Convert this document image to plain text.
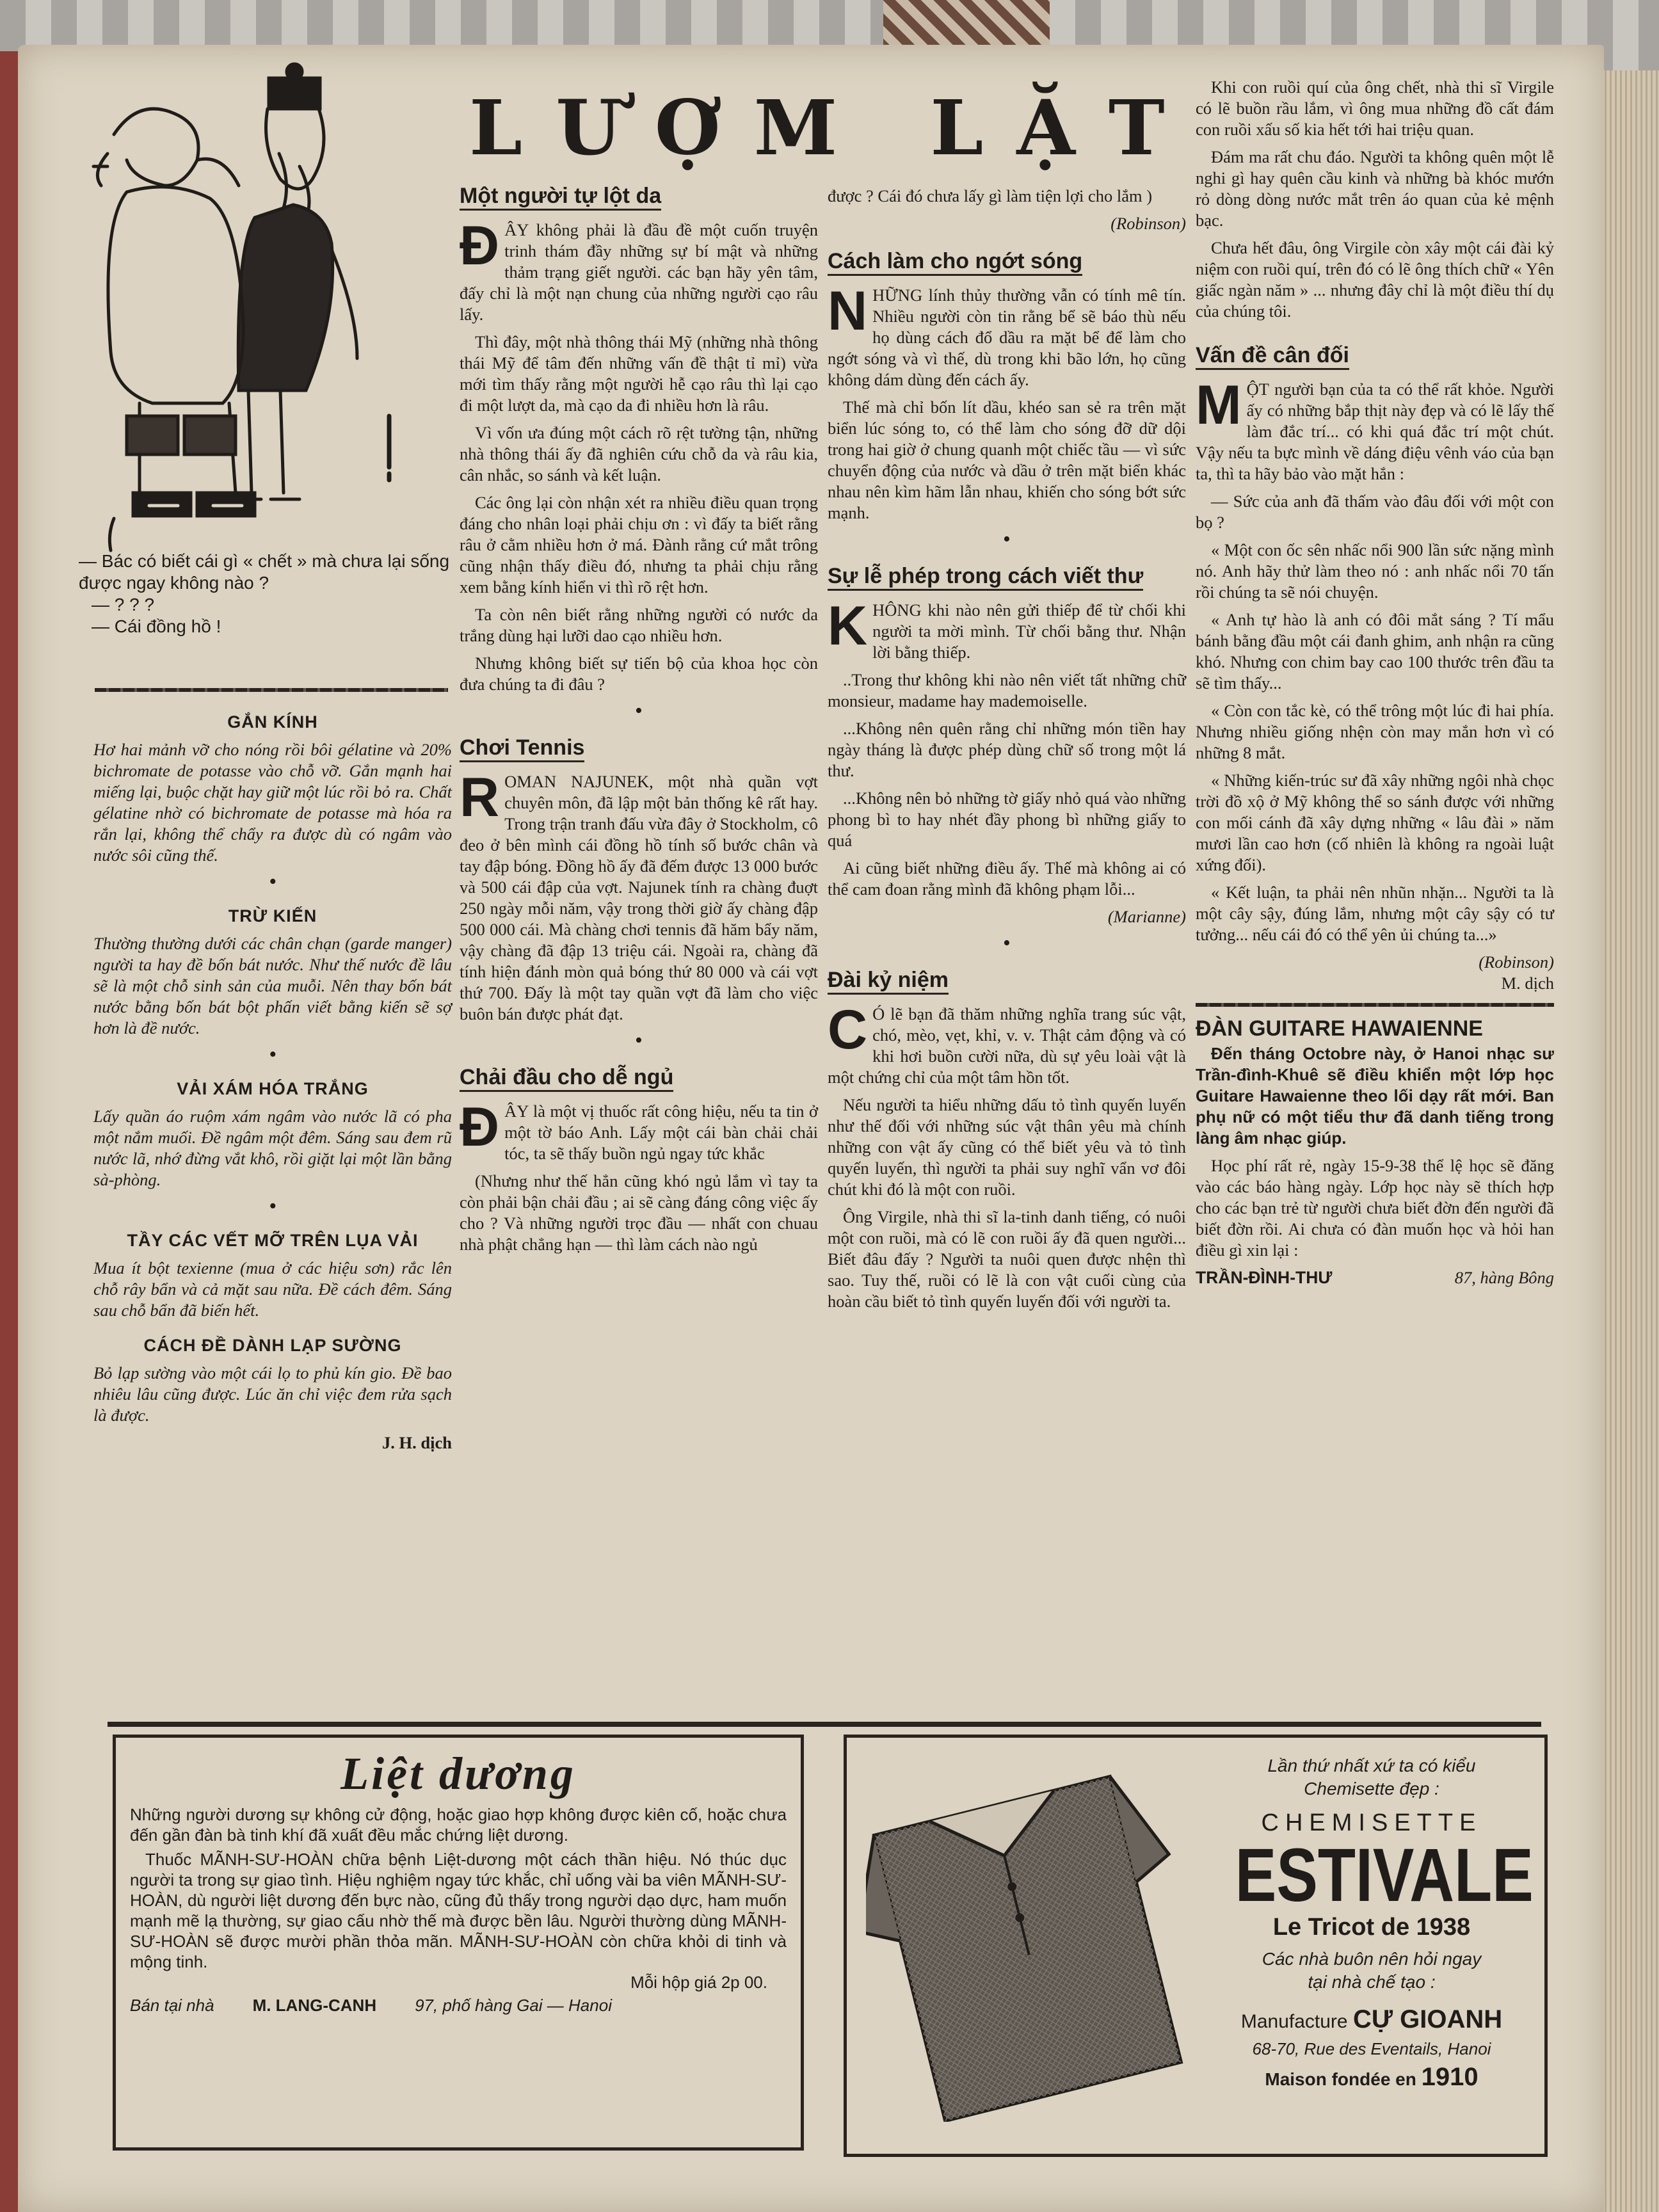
— Bác có biết cái gì « chết » mà chưa lại sống được ngay không nào ?
— ? ? ?
— Cái đồng hồ !
GẮN KÍNH

Hơ hai mảnh vỡ cho nóng rồi bôi gélatine và 20% bichromate de potasse vào chỗ vỡ. Gắn mạnh hai miếng lại, buộc chặt hay giữ một lúc rồi bỏ ra. Chất gélatine nhờ có bichromate de potasse mà hóa ra rắn lại, không thể chẩy ra được dù có ngâm vào nước sôi cũng thế.

•
TRỪ KIẾN

Thường thường dưới các chân chạn (garde manger) người ta hay đề bốn bát nước. Như thế nước đề lâu sẽ là một chỗ sinh sản của muỗi. Nên thay bốn bát nước bằng bốn bát bột phấn viết bằng kiến sẽ sợ hơn là đề nước.

•
VẢI XÁM HÓA TRẮNG

Lấy quần áo ruộm xám ngâm vào nước lã có pha một nắm muối. Đề ngâm một đêm. Sáng sau đem rũ nước lã, nhớ đừng vắt khô, rồi giặt lại một lần bằng sà-phòng.

•
TẦY CÁC VẾT MỠ TRÊN LỤA VẢI

Mua ít bột texienne (mua ở các hiệu sơn) rắc lên chỗ rây bẩn và cả mặt sau nữa. Đề cách đêm. Sáng sau chỗ bẩn đã biến hết.

CÁCH ĐỀ DÀNH LẠP SƯỜNG

Bỏ lạp sường vào một cái lọ to phủ kín gio. Đề bao nhiêu lâu cũng được. Lúc ăn chỉ việc đem rửa sạch là được.

J. H. dịch
LƯỢM LẶT
Một người tự lột da

ĐÂY không phải là đầu đề một cuốn truyện trinh thám đầy những sự bí mật và những thảm trạng giết người. các bạn hãy yên tâm, đấy chỉ là một nạn chung của những người cạo râu lấy.

Thì đây, một nhà thông thái Mỹ (những nhà thông thái Mỹ để tâm đến những vấn đề thật tỉ mỉ) vừa mới tìm thấy rằng một người hễ cạo râu thì lại cạo đi một lượt da, mà cạo da đi nhiều hơn là râu.

Vì vốn ưa đúng một cách rõ rệt tường tận, những nhà thông thái ấy đã nghiên cứu chỗ da và râu kia, cân nhắc, so sánh và kết luận.

Các ông lại còn nhận xét ra nhiều điều quan trọng đáng cho nhân loại phải chịu ơn : vì đấy ta biết rằng râu ở cằm nhiều hơn ở má. Đành rằng cứ mắt trông cũng nhận thấy điều đó, nhưng ta phải chịu rằng xem bằng kính hiển vi thì rõ rệt hơn.

Ta còn nên biết rằng những người có nước da trắng dùng hại lưỡi dao cạo nhiều hơn.

Nhưng không biết sự tiến bộ của khoa học còn đưa chúng ta đi đâu ?

•
Chơi Tennis

ROMAN NAJUNEK, một nhà quần vợt chuyên môn, đã lập một bản thống kê rất hay. Trong trận tranh đấu vừa đây ở Stockholm, cô đeo ở bên mình cái đồng hồ tính số bước chân và tay đập bóng. Đồng hồ ấy đã đếm được 13 000 bước và 500 cái đập của vợt. Najunek tính ra chàng đuợt 250 ngày mỗi năm, vậy trong thời giờ ấy chàng đập 500 000 cái. Mà chàng chơi tennis đã hăm bẩy năm, vậy chàng đã đập 13 triệu cái. Ngoài ra, chàng đã tính hiện đánh mòn quả bóng thứ 80 000 và cái vợt thứ 700. Đấy là một tay quần vợt đã làm cho việc buôn bán được phát đạt.

•
Chải đầu cho dễ ngủ

ĐÂY là một vị thuốc rất công hiệu, nếu ta tin ở một tờ báo Anh. Lấy một cái bàn chải chải tóc, ta sẽ thấy buồn ngủ ngay tức khắc

(Nhưng như thế hẳn cũng khó ngủ lắm vì tay ta còn phải bận chải đầu ; ai sẽ càng đáng công việc ấy cho ? Và những người trọc đầu — nhất con chuau nhà phật chẳng hạn — thì làm cách nào ngủ

được ? Cái đó chưa lấy gì làm tiện lợi cho lắm )

(Robinson)
Cách làm cho ngớt sóng

NHỮNG lính thủy thường vẫn có tính mê tín. Nhiều người còn tin rằng bể sẽ báo thù nếu họ dùng cách đổ dầu ra mặt bể để làm cho ngớt sóng và vì thế, dù trong khi bão lớn, họ cũng không dám dùng đến cách ấy.

Thế mà chỉ bốn lít dầu, khéo san sẻ ra trên mặt biển lúc sóng to, có thể làm cho sóng đỡ dữ dội trong hai giờ ở chung quanh một chiếc tầu — vì sức chuyển động của nước và dầu ở trên mặt biển khác nhau nên kìm hãm lẫn nhau, khiến cho sóng bớt sức mạnh.

•
Sự lễ phép trong cách viết thư

KHÔNG khi nào nên gửi thiếp để từ chối khi người ta mời mình. Từ chối bằng thư. Nhận lời bằng thiếp.

..Trong thư không khi nào nên viết tất những chữ monsieur, madame hay mademoiselle.

...Không nên quên rằng chỉ những món tiền hay ngày tháng là được phép dùng chữ số trong một lá thư.

...Không nên bỏ những tờ giấy nhỏ quá vào những phong bì to hay nhét đầy phong bì những giấy to quá

Ai cũng biết những điều ấy. Thế mà không ai có thể cam đoan rằng mình đã không phạm lỗi...

(Marianne)
•
Đài kỷ niệm

C Ó lẽ bạn đã thăm những nghĩa trang súc vật, chó, mèo, vẹt, khỉ, v. v. Thật cảm động và có khi hơi buồn cười nữa, dù sự yêu loài vật là một chứng chỉ của một tâm hồn tốt.

Nếu người ta hiểu những dấu tỏ tình quyến luyến như thế đối với những súc vật thân yêu mà chính những con vật ấy cũng có thể biết yêu và tỏ tình quyến luyến, thì người ta phải suy nghĩ vẩn vơ đôi chút khi đó là một con ruồi.

Ông Virgile, nhà thi sĩ la-tinh danh tiếng, có nuôi một con ruồi, mà có lẽ con ruồi ấy đã quen người... Biết đâu đấy ? Người ta nuôi quen được nhện thì sao. Tuy thế, ruồi có lẽ là con vật cuối cùng của hoàn cầu biết tỏ tình quyến luyến đối với người ta.

Khi con ruồi quí của ông chết, nhà thi sĩ Virgile có lẽ buồn rầu lắm, vì ông mua những đồ cất đám con ruồi xấu số kia hết tới hai triệu quan.

Đám ma rất chu đáo. Người ta không quên một lễ nghi gì hay quên cầu kinh và những bà khóc mướn rỏ dòng dòng nước mắt trên áo quan của kẻ mệnh bạc.

Chưa hết đâu, ông Virgile còn xây một cái đài kỷ niệm con ruồi quí, trên đó có lẽ ông thích chữ « Yên giấc ngàn năm » ... nhưng đây chỉ là một điều thí dụ của chúng tôi.

Vấn đề cân đối

MỘT người bạn của ta có thể rất khỏe. Người ấy có những bắp thịt này đẹp và có lẽ lấy thế làm đắc trí... có khi quá đắc trí một chút. Vậy nếu ta bực mình về dáng điệu vênh váo của bạn ta, thì ta hãy bảo vào mặt hắn :

— Sức của anh đã thấm vào đâu đối với một con bọ ?

« Một con ốc sên nhấc nổi 900 lần sức nặng mình nó. Anh hãy thử làm theo nó : anh nhấc nổi 70 tấn rồi chúng ta sẽ nói chuyện.

« Anh tự hào là anh có đôi mắt sáng ? Tí mẩu bánh bằng đầu một cái đanh ghim, anh nhận ra cũng khó. Nhưng con chim bay cao 100 thước trên đầu ta sẽ tìm thấy...

« Còn con tắc kè, có thể trông một lúc đi hai phía. Nhưng nhiều giống nhện còn may mắn hơn vì có những 8 mắt.

« Những kiến-trúc sư đã xây những ngôi nhà chọc trời đồ xộ ở Mỹ không thể so sánh được với những con mối cánh đã xây dựng những « lâu đài » năm mươi lần cao hơn (cố nhiên là không ra ngoài luật xứng đối).

« Kết luận, ta phải nên nhũn nhặn... Người ta là một cây sậy, đúng lắm, nhưng một cây sậy có tư tưởng... nếu cái đó có thể yên ủi chúng ta...»

(Robinson)
M. dịch
ĐÀN GUITARE HAWAIENNE

Đến tháng Octobre này, ở Hanoi nhạc sư Trần-đình-Khuê sẽ điều khiển một lớp học Guitare Hawaienne theo lối dạy rất mới. Ban phụ nữ có một tiểu thư đã danh tiếng trong làng âm nhạc giúp.

Học phí rất rẻ, ngày 15-9-38 thể lệ học sẽ đăng vào các báo hàng ngày. Lớp học này sẽ thích hợp cho các bạn trẻ từ người chưa biết đờn đến người đã biết đờn rồi. Ai chưa có đàn muốn học và hỏi han điều gì xin lại :

TRẦN-ĐÌNH-THƯ	87, hàng Bông
Liệt dương

Những người dương sự không cử động, hoặc giao hợp không được kiên cố, hoặc chưa đến gần đàn bà tinh khí đã xuất đều mắc chứng liệt dương.

Thuốc MÃNH-SƯ-HOÀN chữa bệnh Liệt-dương một cách thần hiệu. Nó thúc dục người ta trong sự giao tình. Hiệu nghiệm ngay tức khắc, chỉ uống vài ba viên MÃNH-SƯ-HOÀN, dù người liệt dương đến bực nào, cũng đủ thấy trong người dạo dực, ham muốn mạnh mẽ lạ thường, sự giao cấu nhờ thế mà được bền lâu. Người thường dùng MÃNH-SƯ-HOÀN sẽ được mười phần thỏa mãn. MÃNH-SƯ-HOÀN còn chữa khỏi di tinh và mộng tinh.

Mỗi hộp giá 2p 00.
Bán tại nhà M. LANG-CANH 97, phố hàng Gai — Hanoi
Lần thứ nhất xứ ta có kiểu
Chemisette đẹp :
CHEMISETTE
ESTIVALE
Le Tricot de 1938
Các nhà buôn nên hỏi ngay
tại nhà chế tạo :
Manufacture CỰ GIOANH
68-70, Rue des Eventails, Hanoi
Maison fondée en 1910
